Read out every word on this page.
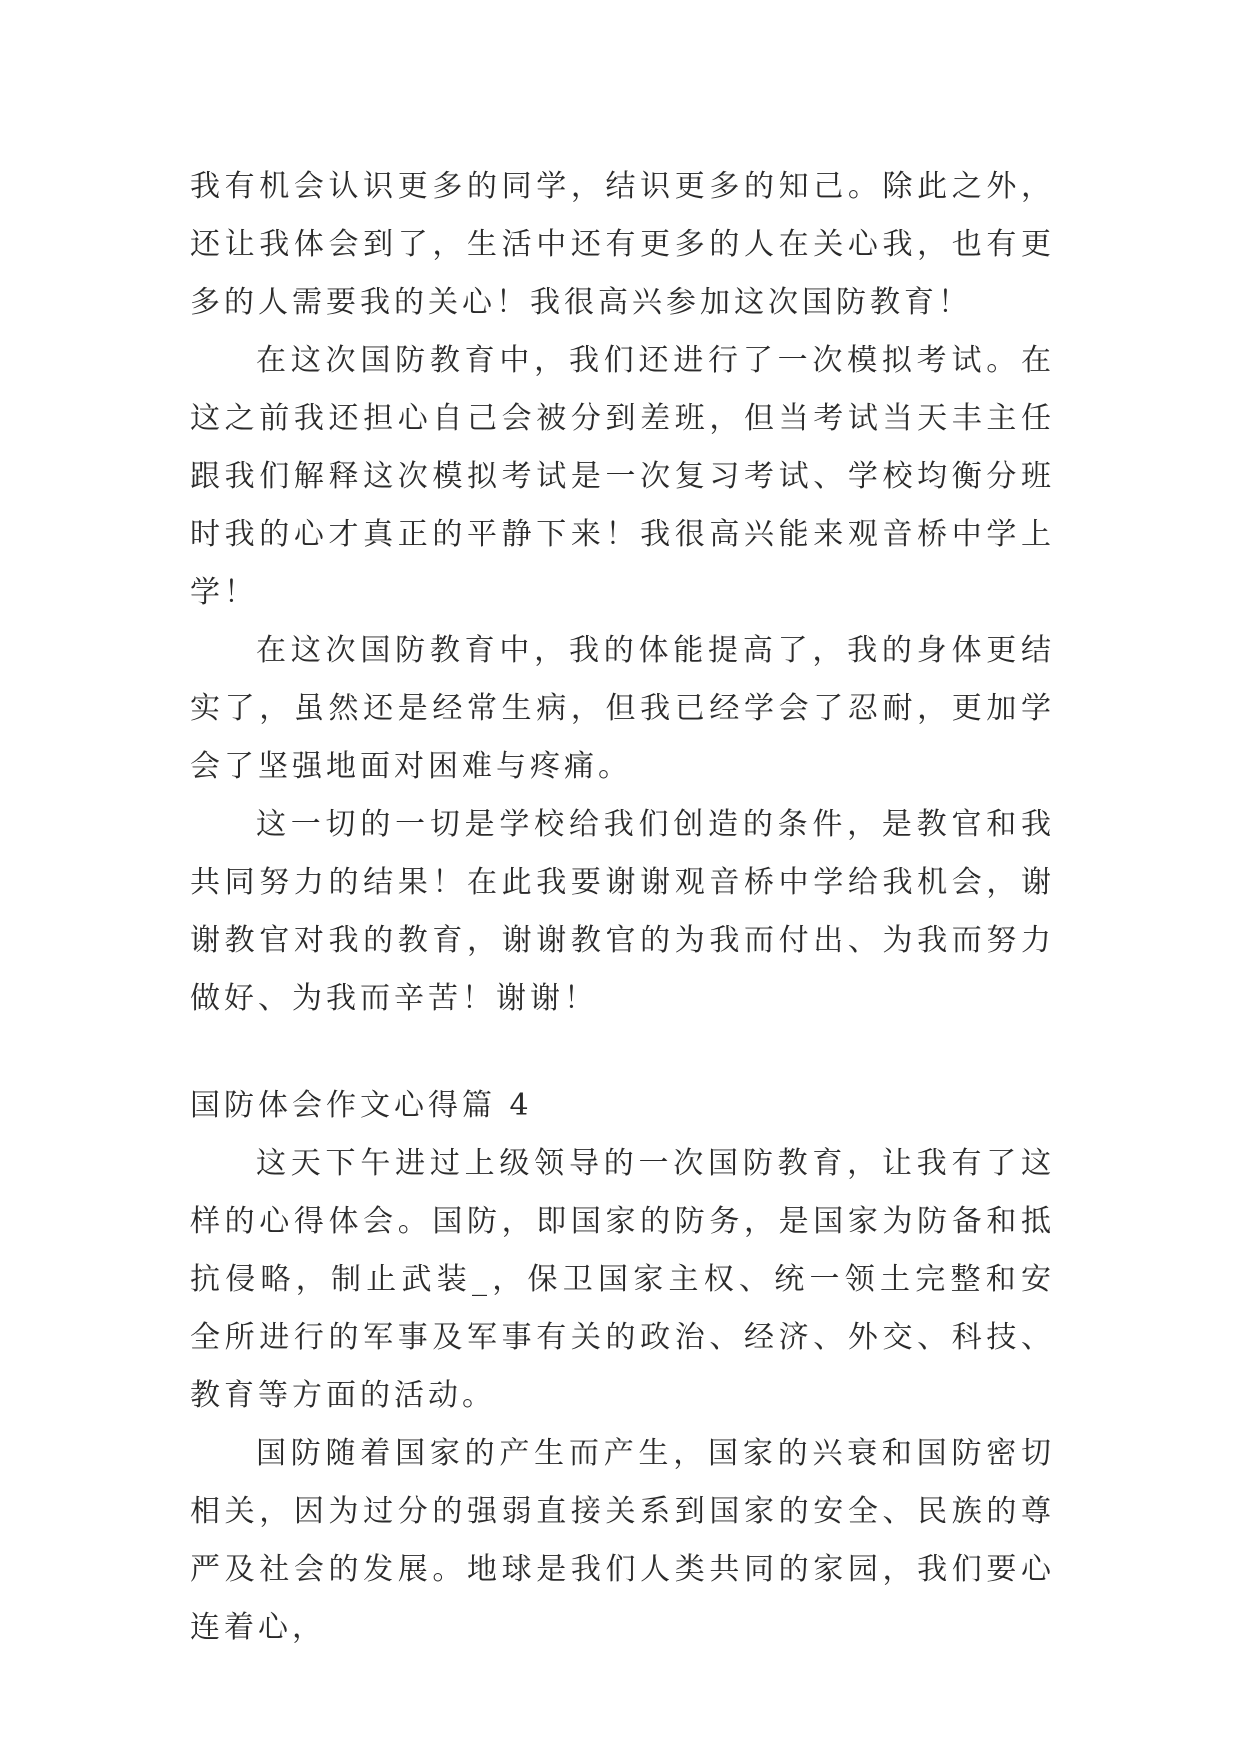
我有机会认识更多的同学，结识更多的知己。除此之外，还让我体会到了，生活中还有更多的人在关心我，也有更多的人需要我的关心！我很高兴参加这次国防教育！

在这次国防教育中，我们还进行了一次模拟考试。在这之前我还担心自己会被分到差班，但当考试当天丰主任跟我们解释这次模拟考试是一次复习考试、学校均衡分班时我的心才真正的平静下来！我很高兴能来观音桥中学上学！

在这次国防教育中，我的体能提高了，我的身体更结实了，虽然还是经常生病，但我已经学会了忍耐，更加学会了坚强地面对困难与疼痛。

这一切的一切是学校给我们创造的条件，是教官和我共同努力的结果！在此我要谢谢观音桥中学给我机会，谢谢教官对我的教育，谢谢教官的为我而付出、为我而努力做好、为我而辛苦！谢谢！

国防体会作文心得篇 4

这天下午进过上级领导的一次国防教育，让我有了这样的心得体会。国防，即国家的防务，是国家为防备和抵抗侵略，制止武装_，保卫国家主权、统一领土完整和安全所进行的军事及军事有关的政治、经济、外交、科技、教育等方面的活动。

国防随着国家的产生而产生，国家的兴衰和国防密切相关，因为过分的强弱直接关系到国家的安全、民族的尊严及社会的发展。地球是我们人类共同的家园，我们要心连着心，
